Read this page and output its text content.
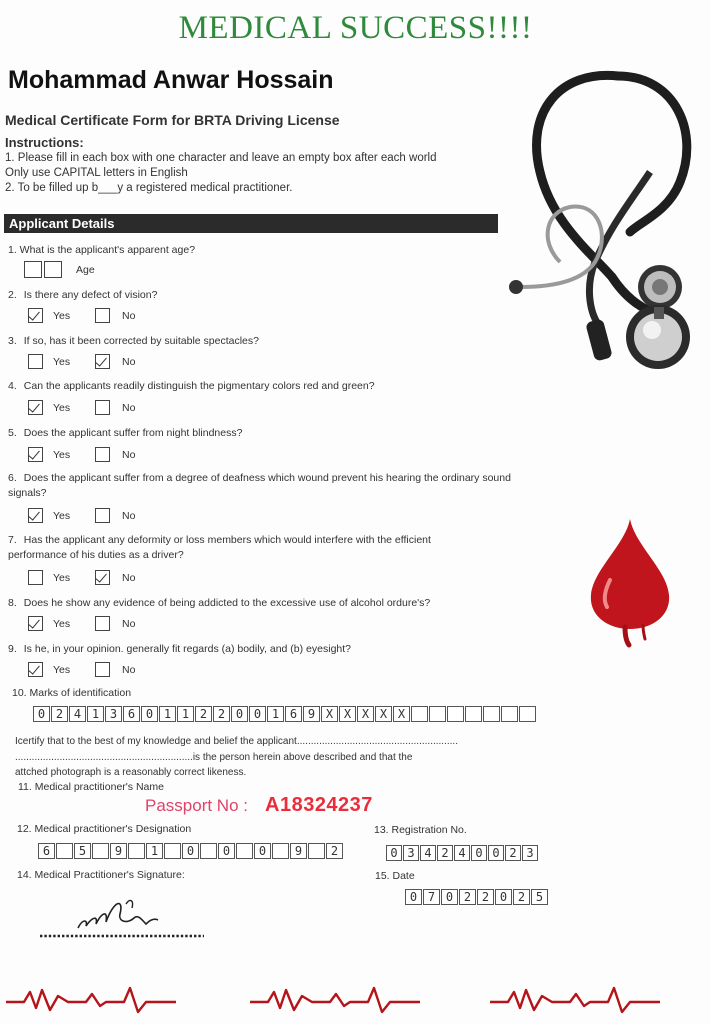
MEDICAL SUCCESS!!!!
Mohammad Anwar Hossain
Medical Certificate Form for BRTA Driving License
Instructions:
1. Please fill in each box with one character and leave an empty box after each world
Only use CAPITAL letters in English
2. To be filled up b___y a registered medical practitioner.
Applicant Details
1. What is the applicant's apparent age?
Age
2. Is there any defect of vision?
Yes	No
3. If so, has it been corrected by suitable spectacles?
Yes	No
4. Can the applicants readily distinguish the pigmentary colors red and green?
Yes	No
5. Does the applicant suffer from night blindness?
Yes	No
6. Does the applicant suffer from a degree of deafness which wound prevent his hearing the ordinary sound
signals?
Yes	No
7. Has the applicant any deformity or loss members which would interfere with the efficient
performance of his duties as a driver?
Yes	No
8. Does he show any evidence of being addicted to the excessive use of alcohol ordure's?
Yes	No
9. Is he, in your opinion. generally fit regards (a) bodily, and (b) eyesight?
Yes	No
10. Marks of identification
0 2 4 1 3 6 0 1 1 2 2 0 0 1 6 9 X X X X X
Icertify that to the best of my knowledge and belief the applicant..........................................................
................................................................is the person herein above described and that the
attched photograph is a reasonably correct likeness.
11. Medical practitioner's Name
Passport No : A18324237
12. Medical practitioner's Designation
6	5	9	1	0	0	0	9	2
13. Registration No.
0 3 4 2 4 0 0 2 3
14. Medical Practitioner's Signature:	15. Date
0 7 0 2 2 0 2 5
